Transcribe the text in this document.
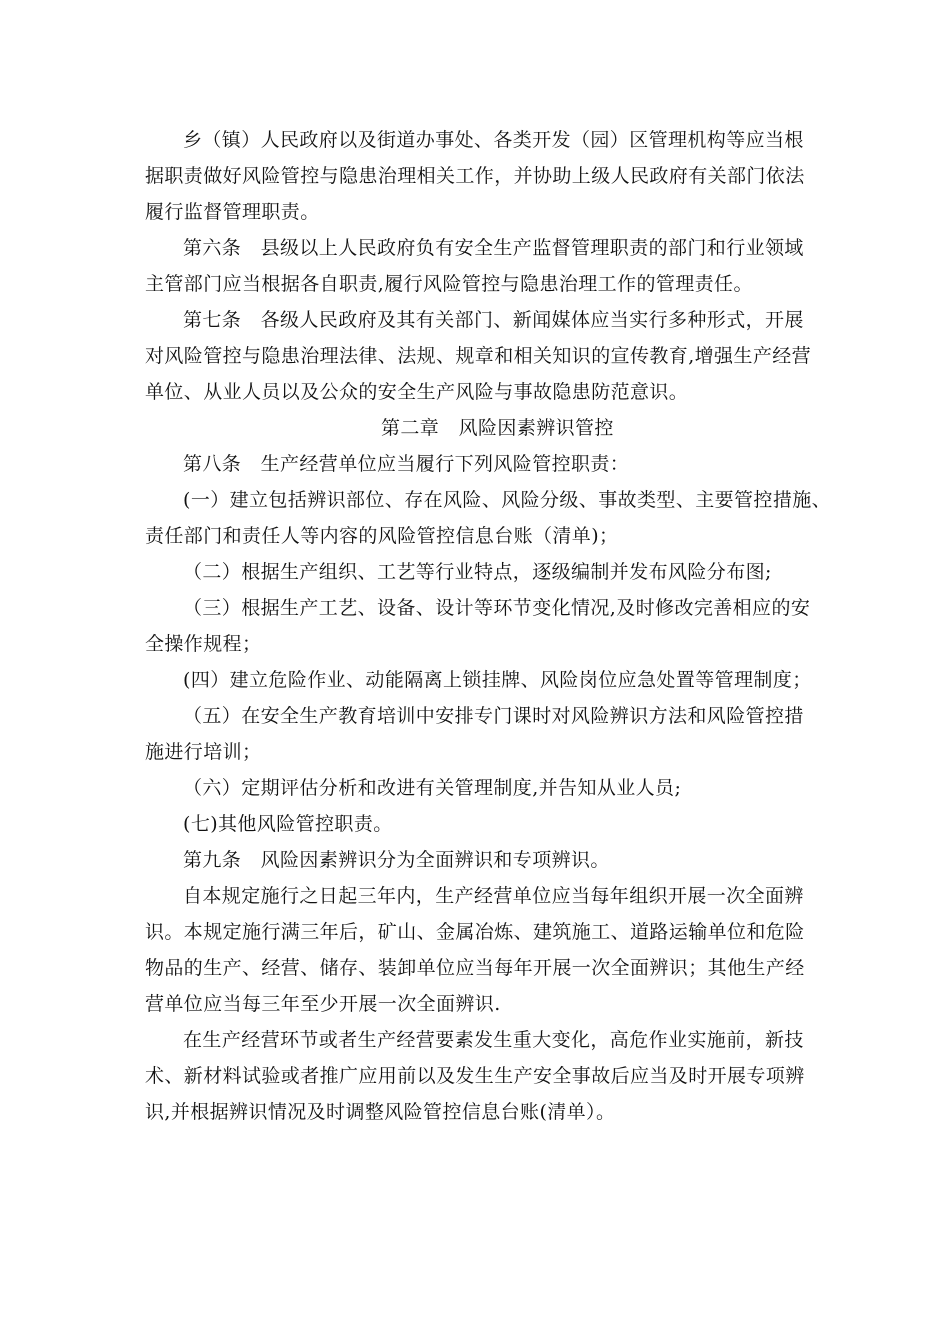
乡（镇）人民政府以及街道办事处、各类开发（园）区管理机构等应当根
据职责做好风险管控与隐患治理相关工作，并协助上级人民政府有关部门依法
履行监督管理职责。
第六条　县级以上人民政府负有安全生产监督管理职责的部门和行业领域
主管部门应当根据各自职责,履行风险管控与隐患治理工作的管理责任。
第七条　各级人民政府及其有关部门、新闻媒体应当实行多种形式，开展
对风险管控与隐患治理法律、法规、规章和相关知识的宣传教育,增强生产经营
单位、从业人员以及公众的安全生产风险与事故隐患防范意识。
第二章　风险因素辨识管控
第八条　生产经营单位应当履行下列风险管控职责：
(一）建立包括辨识部位、存在风险、风险分级、事故类型、主要管控措施、
责任部门和责任人等内容的风险管控信息台账（清单)；
（二）根据生产组织、工艺等行业特点，逐级编制并发布风险分布图;
（三）根据生产工艺、设备、设计等环节变化情况,及时修改完善相应的安
全操作规程；
(四）建立危险作业、动能隔离上锁挂牌、风险岗位应急处置等管理制度；
（五）在安全生产教育培训中安排专门课时对风险辨识方法和风险管控措
施进行培训；
（六）定期评估分析和改进有关管理制度,并告知从业人员;
(七)其他风险管控职责。
第九条　风险因素辨识分为全面辨识和专项辨识。
自本规定施行之日起三年内，生产经营单位应当每年组织开展一次全面辨
识。本规定施行满三年后，矿山、金属冶炼、建筑施工、道路运输单位和危险
物品的生产、经营、储存、装卸单位应当每年开展一次全面辨识；其他生产经
营单位应当每三年至少开展一次全面辨识.
在生产经营环节或者生产经营要素发生重大变化，高危作业实施前，新技
术、新材料试验或者推广应用前以及发生生产安全事故后应当及时开展专项辨
识,并根据辨识情况及时调整风险管控信息台账(清单）。
